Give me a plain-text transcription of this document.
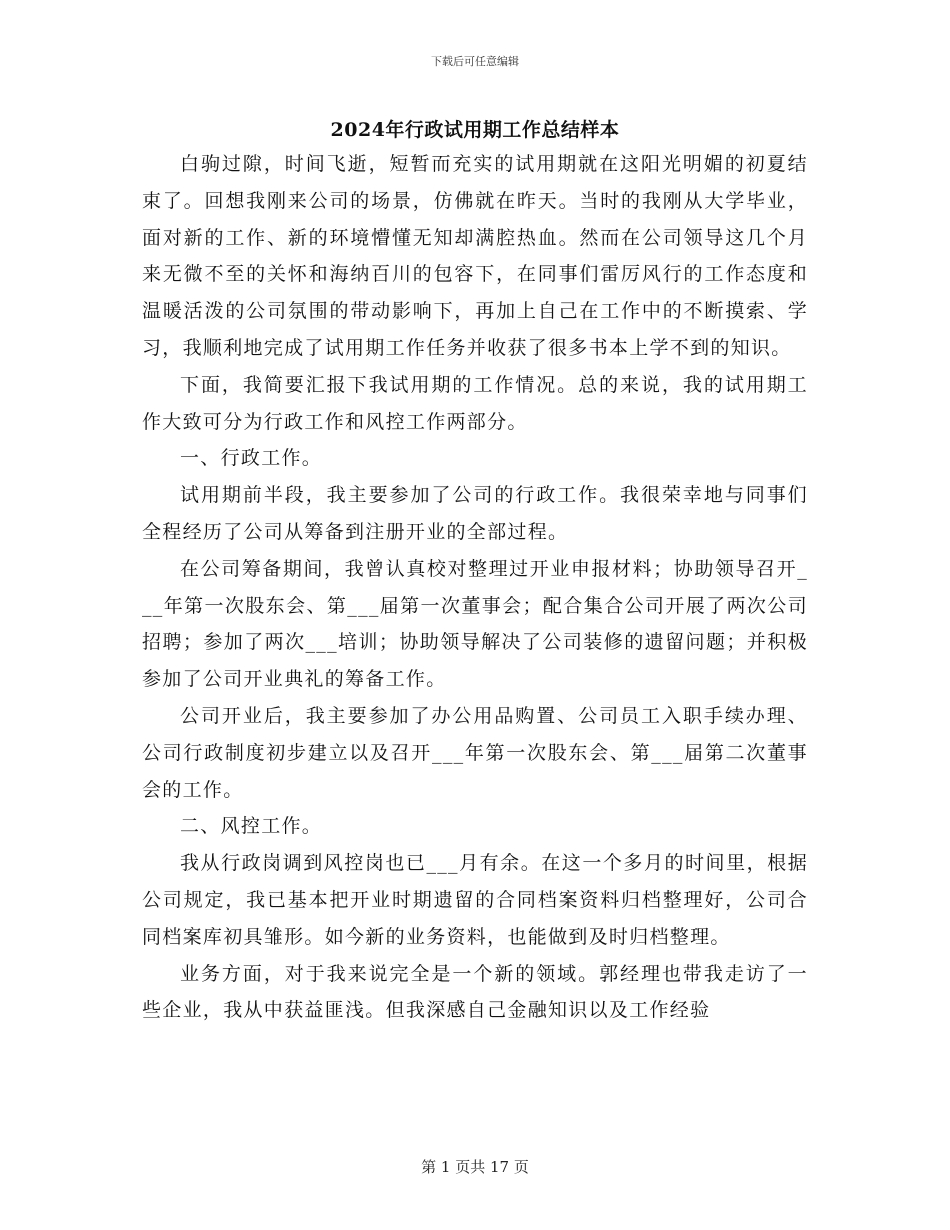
下载后可任意编辑
2024年行政试用期工作总结样本

白驹过隙，时间飞逝，短暂而充实的试用期就在这阳光明媚的初夏结束了。回想我刚来公司的场景，仿佛就在昨天。当时的我刚从大学毕业，面对新的工作、新的环境懵懂无知却满腔热血。然而在公司领导这几个月来无微不至的关怀和海纳百川的包容下，在同事们雷厉风行的工作态度和温暖活泼的公司氛围的带动影响下，再加上自己在工作中的不断摸索、学习，我顺利地完成了试用期工作任务并收获了很多书本上学不到的知识。

下面，我简要汇报下我试用期的工作情况。总的来说，我的试用期工作大致可分为行政工作和风控工作两部分。

一、行政工作。

试用期前半段，我主要参加了公司的行政工作。我很荣幸地与同事们全程经历了公司从筹备到注册开业的全部过程。

在公司筹备期间，我曾认真校对整理过开业申报材料；协助领导召开___年第一次股东会、第___届第一次董事会；配合集合公司开展了两次公司招聘；参加了两次___培训；协助领导解决了公司装修的遗留问题；并积极参加了公司开业典礼的筹备工作。

公司开业后，我主要参加了办公用品购置、公司员工入职手续办理、公司行政制度初步建立以及召开___年第一次股东会、第___届第二次董事会的工作。

二、风控工作。

我从行政岗调到风控岗也已___月有余。在这一个多月的时间里，根据公司规定，我已基本把开业时期遗留的合同档案资料归档整理好，公司合同档案库初具雏形。如今新的业务资料，也能做到及时归档整理。

业务方面，对于我来说完全是一个新的领域。郭经理也带我走访了一些企业，我从中获益匪浅。但我深感自己金融知识以及工作经验

第 1 页共 17 页
